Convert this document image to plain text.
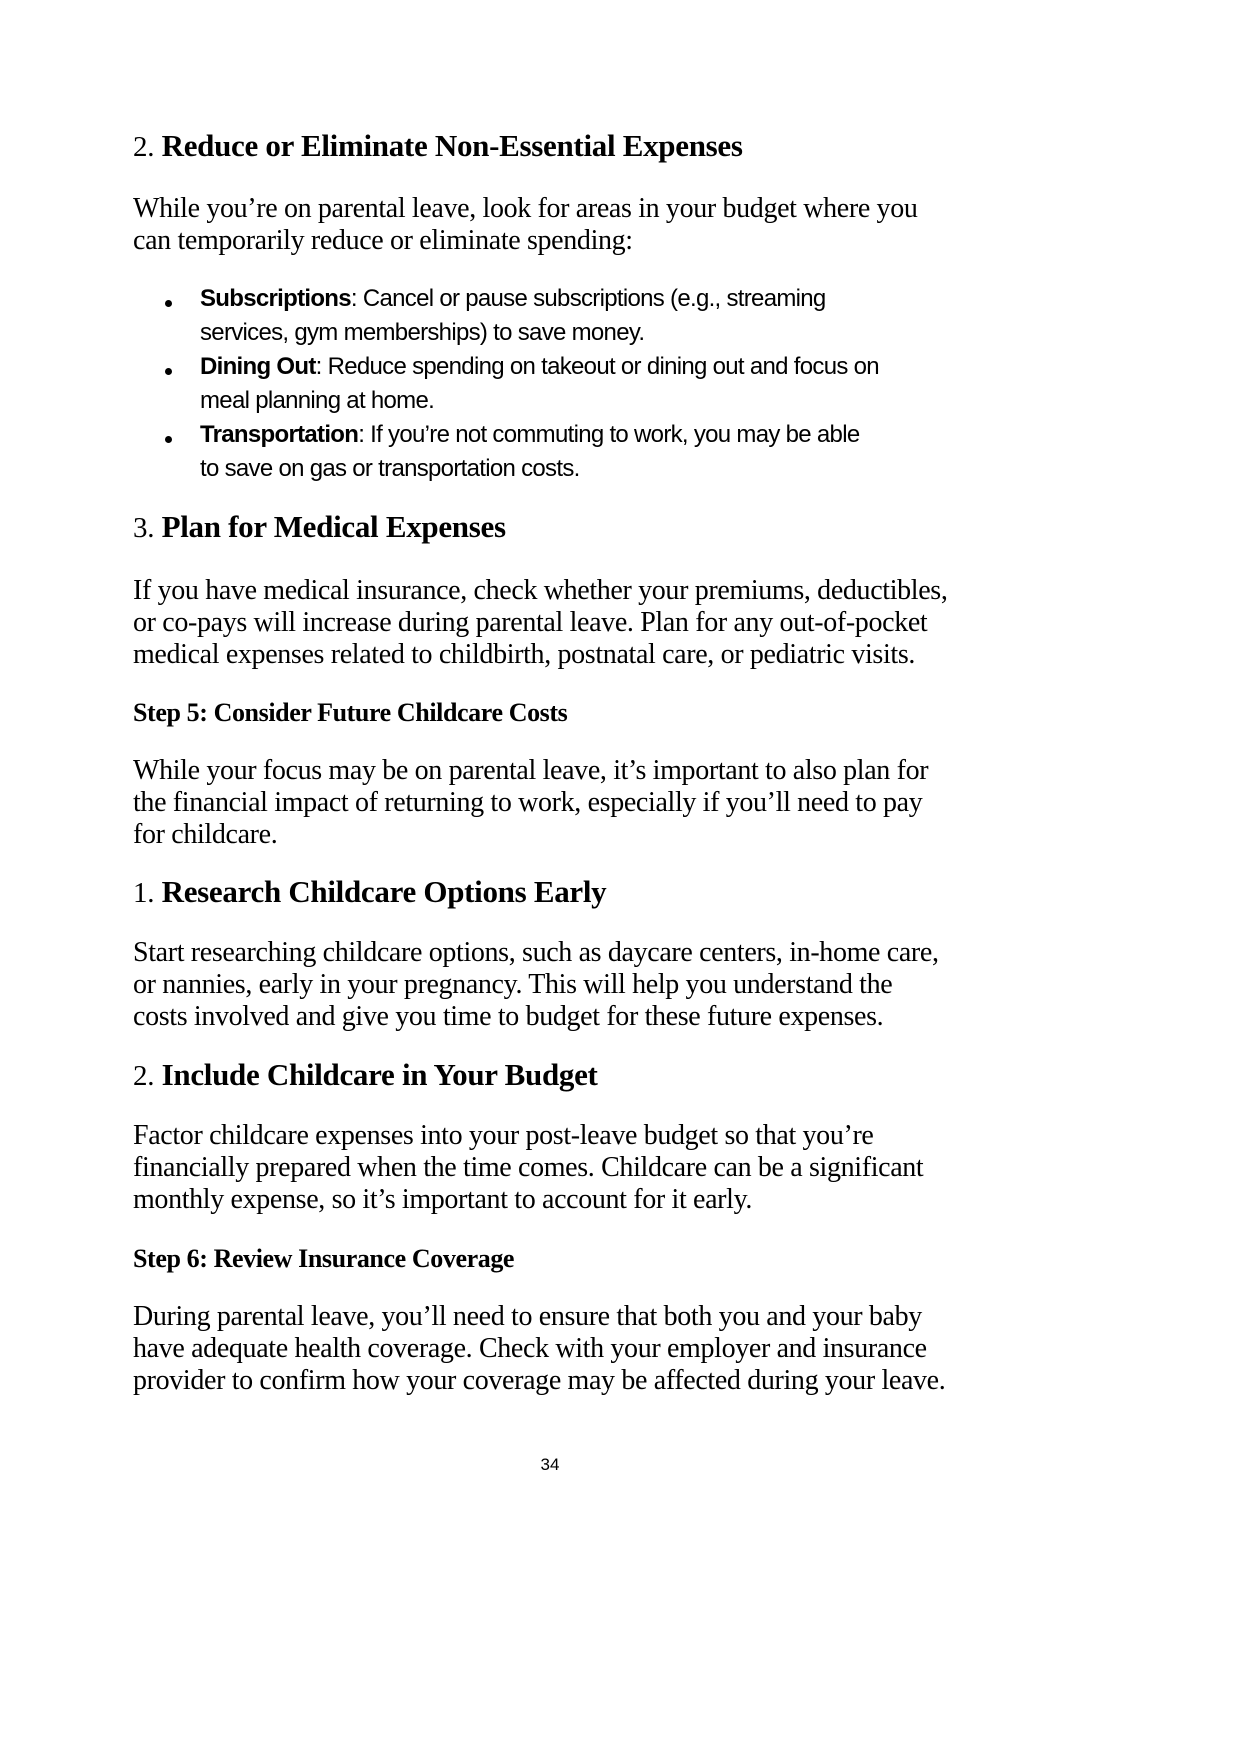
2. Reduce or Eliminate Non-Essential Expenses
While you’re on parental leave, look for areas in your budget where you
can temporarily reduce or eliminate spending:
Subscriptions: Cancel or pause subscriptions (e.g., streaming
services, gym memberships) to save money.
Dining Out: Reduce spending on takeout or dining out and focus on
meal planning at home.
Transportation: If you’re not commuting to work, you may be able
to save on gas or transportation costs.
3. Plan for Medical Expenses
If you have medical insurance, check whether your premiums, deductibles,
or co-pays will increase during parental leave. Plan for any out-of-pocket
medical expenses related to childbirth, postnatal care, or pediatric visits.
Step 5: Consider Future Childcare Costs
While your focus may be on parental leave, it’s important to also plan for
the financial impact of returning to work, especially if you’ll need to pay
for childcare.
1. Research Childcare Options Early
Start researching childcare options, such as daycare centers, in-home care,
or nannies, early in your pregnancy. This will help you understand the
costs involved and give you time to budget for these future expenses.
2. Include Childcare in Your Budget
Factor childcare expenses into your post-leave budget so that you’re
financially prepared when the time comes. Childcare can be a significant
monthly expense, so it’s important to account for it early.
Step 6: Review Insurance Coverage
During parental leave, you’ll need to ensure that both you and your baby
have adequate health coverage. Check with your employer and insurance
provider to confirm how your coverage may be affected during your leave.
34
